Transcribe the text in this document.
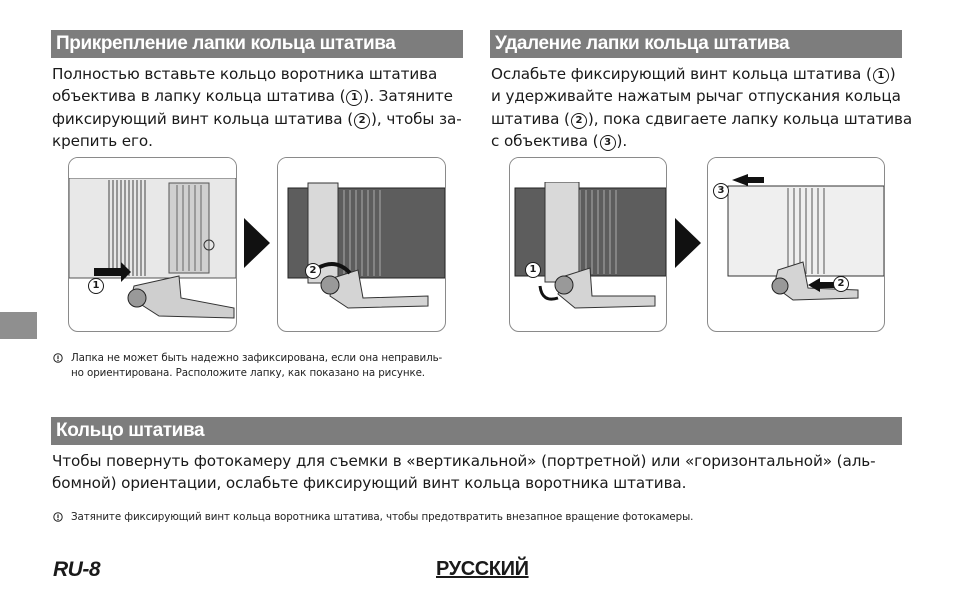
Прикрепление лапки кольца штатива
Полностью вставьте кольцо воротника штатива
объектива в лапку кольца штатива ( 1 ). Затяните
фиксирующий винт кольца штатива ( 2 ), чтобы за-
крепить его.
Удаление лапки кольца штатива
Ослабьте фиксирующий винт кольца штатива ( 1 )
и удерживайте нажатым рычаг отпускания кольца
штатива ( 2 ), пока сдвигаете лапку кольца штатива
с объектива ( 3 ).
1
2	1
3
2
Лапка не может быть надежно зафиксирована, если она неправиль-
но ориентирована. Расположите лапку, как показано на рисунке.
Кольцо штатива
Чтобы повернуть фотокамеру для съемки в «вертикальной» (портретной) или «горизонтальной» (аль-
бомной) ориентации, ослабьте фиксирующий винт кольца воротника штатива.
Затяните фиксирующий винт кольца воротника штатива, чтобы предотвратить внезапное вращение фотокамеры.
RU-8	РУССКИЙ
